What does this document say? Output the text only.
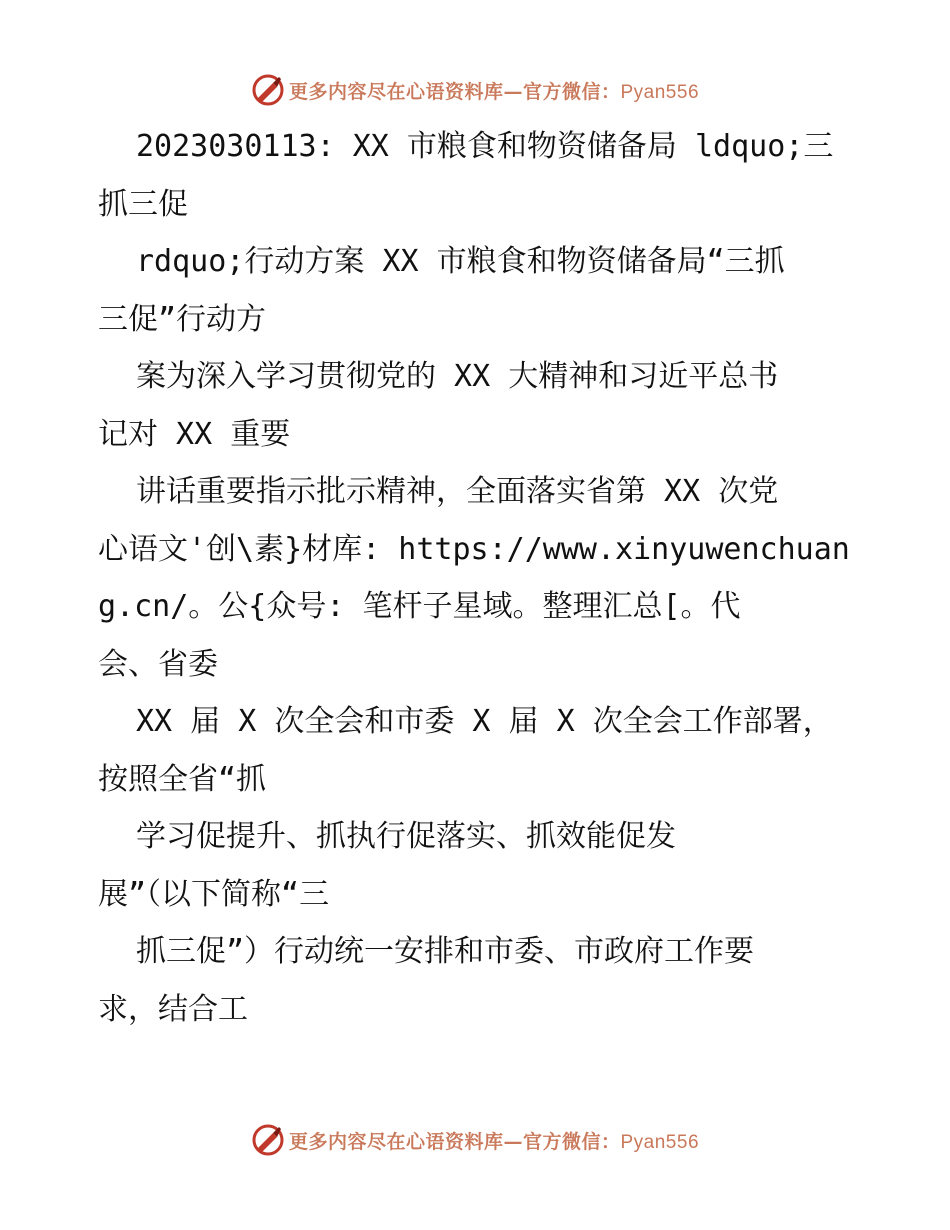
更多内容尽在心语资料库—官方微信：Pyan556
2023030113: XX 市粮食和物资储备局 ldquo;三
抓三促
rdquo;行动方案 XX 市粮食和物资储备局“三抓
三促”行动方
案为深入学习贯彻党的 XX 大精神和习近平总书
记对 XX 重要
讲话重要指示批示精神，全面落实省第 XX 次党
心语文'创\素}材库: https://www.xinyuwenchuan
g.cn/。公{众号: 笔杆子星域。整理汇总[。代
会、省委
XX 届 X 次全会和市委 X 届 X 次全会工作部署，
按照全省“抓
学习促提升、抓执行促落实、抓效能促发
展”（以下简称“三
抓三促”）行动统一安排和市委、市政府工作要
求，结合工
更多内容尽在心语资料库—官方微信：Pyan556
